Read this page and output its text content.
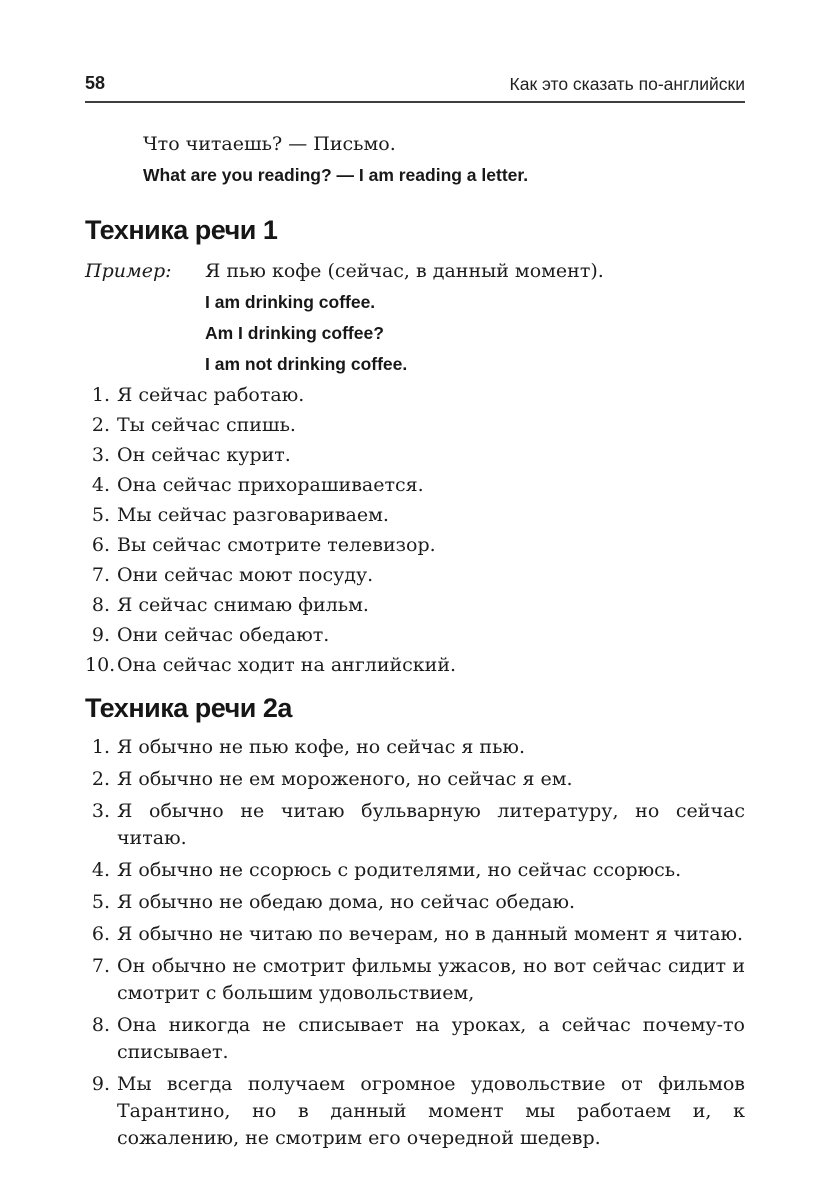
58	Как это сказать по-английски
Что читаешь? — Письмо.
What are you reading? — I am reading a letter.
Техника речи 1
Пример:	Я пью кофе (сейчас, в данный момент).
I am drinking coffee.
Am I drinking coffee?
I am not drinking coffee.
1. Я сейчас работаю.
2. Ты сейчас спишь.
3. Он сейчас курит.
4. Она сейчас прихорашивается.
5. Мы сейчас разговариваем.
6. Вы сейчас смотрите телевизор.
7. Они сейчас моют посуду.
8. Я сейчас снимаю фильм.
9. Они сейчас обедают.
10. Она сейчас ходит на английский.
Техника речи 2а
1. Я обычно не пью кофе, но сейчас я пью.
2. Я обычно не ем мороженого, но сейчас я ем.
3. Я обычно не читаю бульварную литературу, но сейчас читаю.
4. Я обычно не ссорюсь с родителями, но сейчас ссорюсь.
5. Я обычно не обедаю дома, но сейчас обедаю.
6. Я обычно не читаю по вечерам, но в данный момент я читаю.
7. Он обычно не смотрит фильмы ужасов, но вот сейчас сидит и смотрит с большим удовольствием,
8. Она никогда не списывает на уроках, а сейчас почему-то списывает.
9. Мы всегда получаем огромное удовольствие от фильмов Тарантино, но в данный момент мы работаем и, к сожалению, не смотрим его очередной шедевр.
